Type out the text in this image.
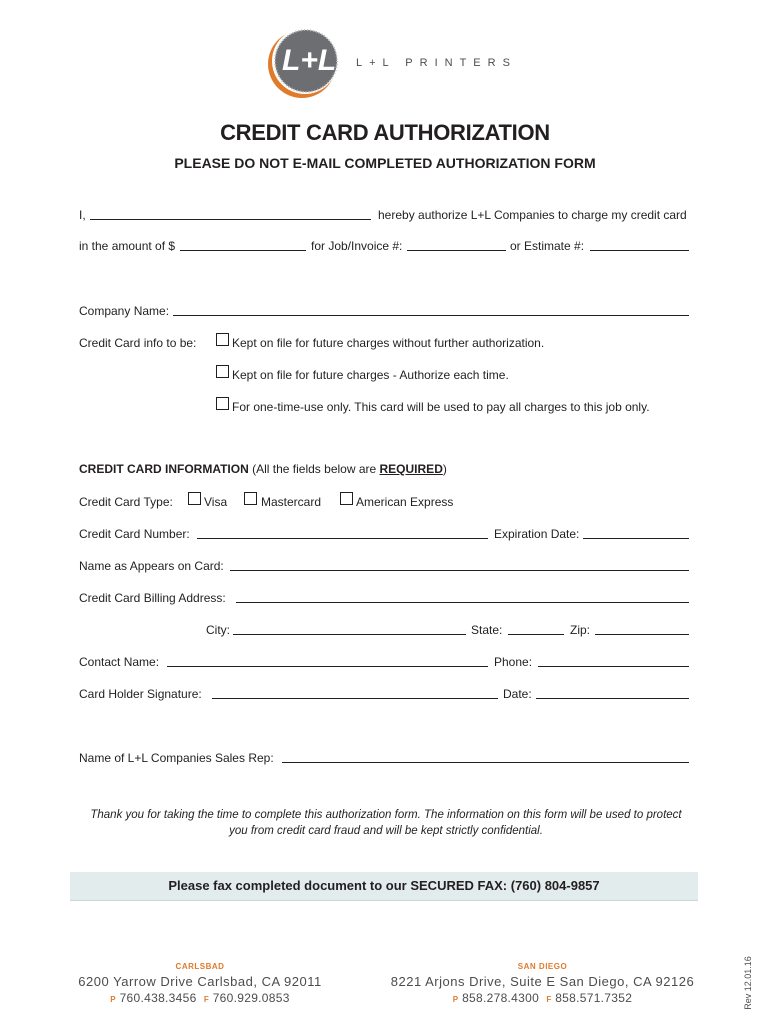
L+L L+L PRINTERS
CREDIT CARD AUTHORIZATION
PLEASE DO NOT E-MAIL COMPLETED AUTHORIZATION FORM
I,	hereby authorize L+L Companies to charge my credit card
in the amount of $	for Job/Invoice #:	or Estimate #:
Company Name:
Credit Card info to be:	Kept on file for future charges without further authorization.
Kept on file for future charges - Authorize each time.
For one-time-use only. This card will be used to pay all charges to this job only.
CREDIT CARD INFORMATION (All the fields below are REQUIRED)
Credit Card Type:	Visa	Mastercard	American Express
Credit Card Number:	Expiration Date:
Name as Appears on Card:
Credit Card Billing Address:
City:	State:	Zip:
Contact Name:	Phone:
Card Holder Signature:	Date:
Name of L+L Companies Sales Rep:
Thank you for taking the time to complete this authorization form. The information on this form will be used to protect you from credit card fraud and will be kept strictly confidential.
Please fax completed document to our SECURED FAX: (760) 804-9857
CARLSBAD
6200 Yarrow Drive Carlsbad, CA 92011
P 760.438.3456 F 760.929.0853
SAN DIEGO
8221 Arjons Drive, Suite E San Diego, CA 92126
P 858.278.4300 F 858.571.7352	Rev 12.01.16
